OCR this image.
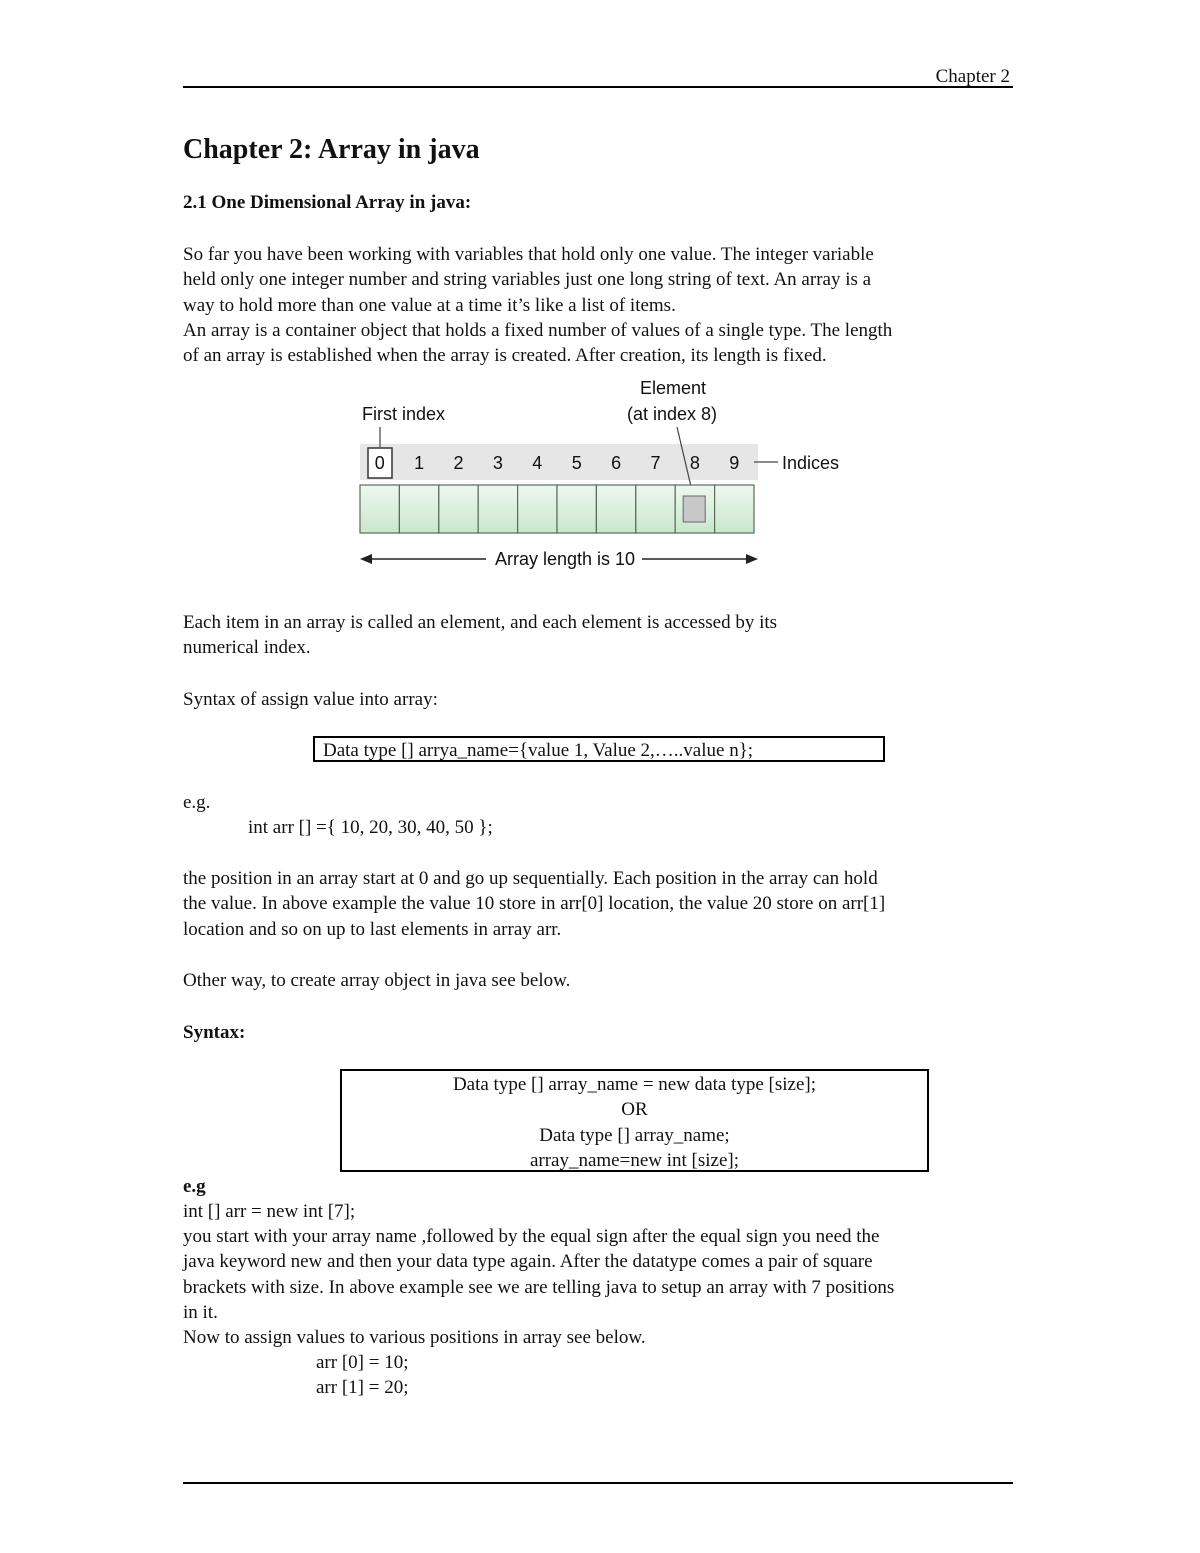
Chapter 2
Chapter 2: Array in java
2.1 One Dimensional Array in java:
So far you have been working with variables that hold only one value. The integer variable
held only one integer number and string variables just one long string of text. An array is a
way to hold more than one value at a time it’s like a list of items.
An array is a container object that holds a fixed number of values of a single type. The length
of an array is established when the array is created. After creation, its length is fixed.
First index
Element
(at index 8)
0 1 2 3 4 5 6 7 8 9 Indices
Array length is 10
Each item in an array is called an element, and each element is accessed by its
numerical index.
Syntax of assign value into array:
Data type [] arrya_name={value 1, Value 2,…..value n};
e.g.
int arr [] ={ 10, 20, 30, 40, 50 };
the position in an array start at 0 and go up sequentially. Each position in the array can hold
the value. In above example the value 10 store in arr[0] location, the value 20 store on arr[1]
location and so on up to last elements in array arr.
Other way, to create array object in java see below.
Syntax:
Data type [] array_name = new data type [size];
OR
Data type [] array_name;
array_name=new int [size];
e.g
int [] arr = new int [7];
you start with your array name ,followed by the equal sign after the equal sign you need the
java keyword new and then your data type again. After the datatype comes a pair of square
brackets with size. In above example see we are telling java to setup an array with 7 positions
in it.
Now to assign values to various positions in array see below.
arr [0] = 10;
arr [1] = 20;
